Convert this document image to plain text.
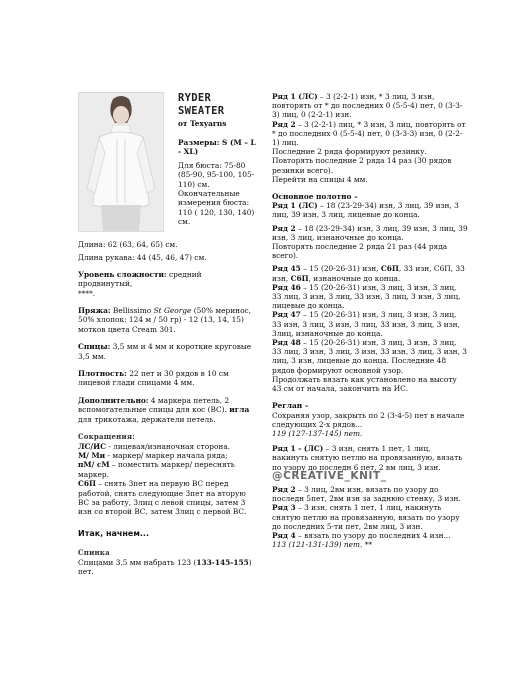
RYDER
SWEATER
от Texyarns

Размеры: S (M – L - XL)

Для бюста: 75-80 (85-90, 95-100, 105-110) см.

Окончательные измерения бюста:

110 ( 120, 130, 140) см.

Длина: 62 (63, 64, 65) см.

Длина рукава: 44 (45, 46, 47) см.

Уровень сложности: средний продвинутый,
****.

Пряжа: Bellissimo St George (50% мериноc, 50% хлопок: 124 м / 50 гр) - 12 (13, 14, 15) мотков цвета Cream 301.

Спицы: 3,5 мм и 4 мм и короткие круговые 3,5 мм.

Плотность: 22 пет и 30 рядов в 10 см лицевой глади спицами 4 мм.

Дополнительно: 4 маркера петель, 2 вспомогательные спицы для кос (ВС). игла для трикотажа, держатели петель.

Сокращения:

ЛС/ИС - лицевая/изнаночная сторона.

М/ Ми - маркер/ маркер начала ряда;

пМ/ сМ – поместить маркер/ переснять маркер.

С6П – снять 3пет на первую ВС перед работой, снять следующие 3пет на вторую ВС за работу, 3лиц с левой спицы, затем 3 изн со второй ВС, затем 3лиц с первой ВС.

Итак, начнем...

Спинка

Спицами 3.5 мм набрать 123 (133-145-155) пет.

Ряд 1 (ЛС) – 3 (2-2-1) изн, * 3 лиц, 3 изн, повторять от * до последних 0 (5-5-4) пет, 0 (3-3-3) лиц, 0 (2-2-1) изн.

Ряд 2 – 3 (2-2-1) лиц, * 3 изн, 3 лиц, повторять от * до последних 0 (5-5-4) пет, 0 (3-3-3) изн, 0 (2-2-1) лиц.

Последние 2 ряда формируют резинку.

Повторять последние 2 ряда 14 раз (30 рядов резинки всего).

Перейти на спицы 4 мм.

Основное полотно –

Ряд 1 (ЛС) – 18 (23-29-34) изн, 3 лиц, 39 изн, 3 лиц, 39 изн, 3 лиц, лицевые до конца.

Ряд 2 – 18 (23-29-34) изн, 3 лиц, 39 изн, 3 лиц, 39 изн, 3 лиц, изнаночные до конца.

Повторять последние 2 ряда 21 раз (44 ряда всего).

Ряд 45 – 15 (20-26-31) изн, С6П, 33 изн, С6П, 33 изн, С6П, изнаночные до конца.

Ряд 46 – 15 (20-26-31) изн, 3 лиц, 3 изн, 3 лиц, 33 лиц, 3 изн, 3 лиц, 33 изн, 3 лиц, 3 изн, 3 лиц, лицевые до конца.

Ряд 47 – 15 (20-26-31) изн, 3 лиц, 3 изн, 3 лиц, 33 изн, 3 лиц, 3 изн, 3 лиц, 33 изн, 3 лиц, 3 изн, 3лиц, изнаночные до конца.

Ряд 48 – 15 (20-26-31) изн, 3 лиц, 3 изн, 3 лиц, 33 лиц, 3 изн, 3 лиц, 3 изн, 33 изн, 3 лиц, 3 изн, 3 лиц, 3 изн, лицевые до конца. Последние 48 рядов формируют основной узор.

Продолжать вязать как установлено на высоту 43 см от начала, закончить на ИС.

Реглан –

Сохраняя узор, закрыть по 2 (3-4-5) пет в начале следующих 2-х рядов...

119 (127-137-145) пет.

Ряд 1 - (ЛС) – 3 изн, снять 1 пет, 1 лиц, накинуть снятую петлю на провязанную, вязать по узору до последн 6 пет, 2 вм лиц, 3 изн.

@CREATIVE_KNIT_

Ряд 2 – 3 лиц, 2вм изн, вязать по узору до последн 5пет, 2вм изн за заднюю стенку, 3 изн.

Ряд 3 – 3 изн, снять 1 пет, 1 лиц, накинуть снятую петлю на провязанную, вязать по узору до последних 5-ти пет, 2вм лиц, 3 изн.

Ряд 4 – вязать по узору до последних 4 изн...

113 (121-131-139) пет. **
